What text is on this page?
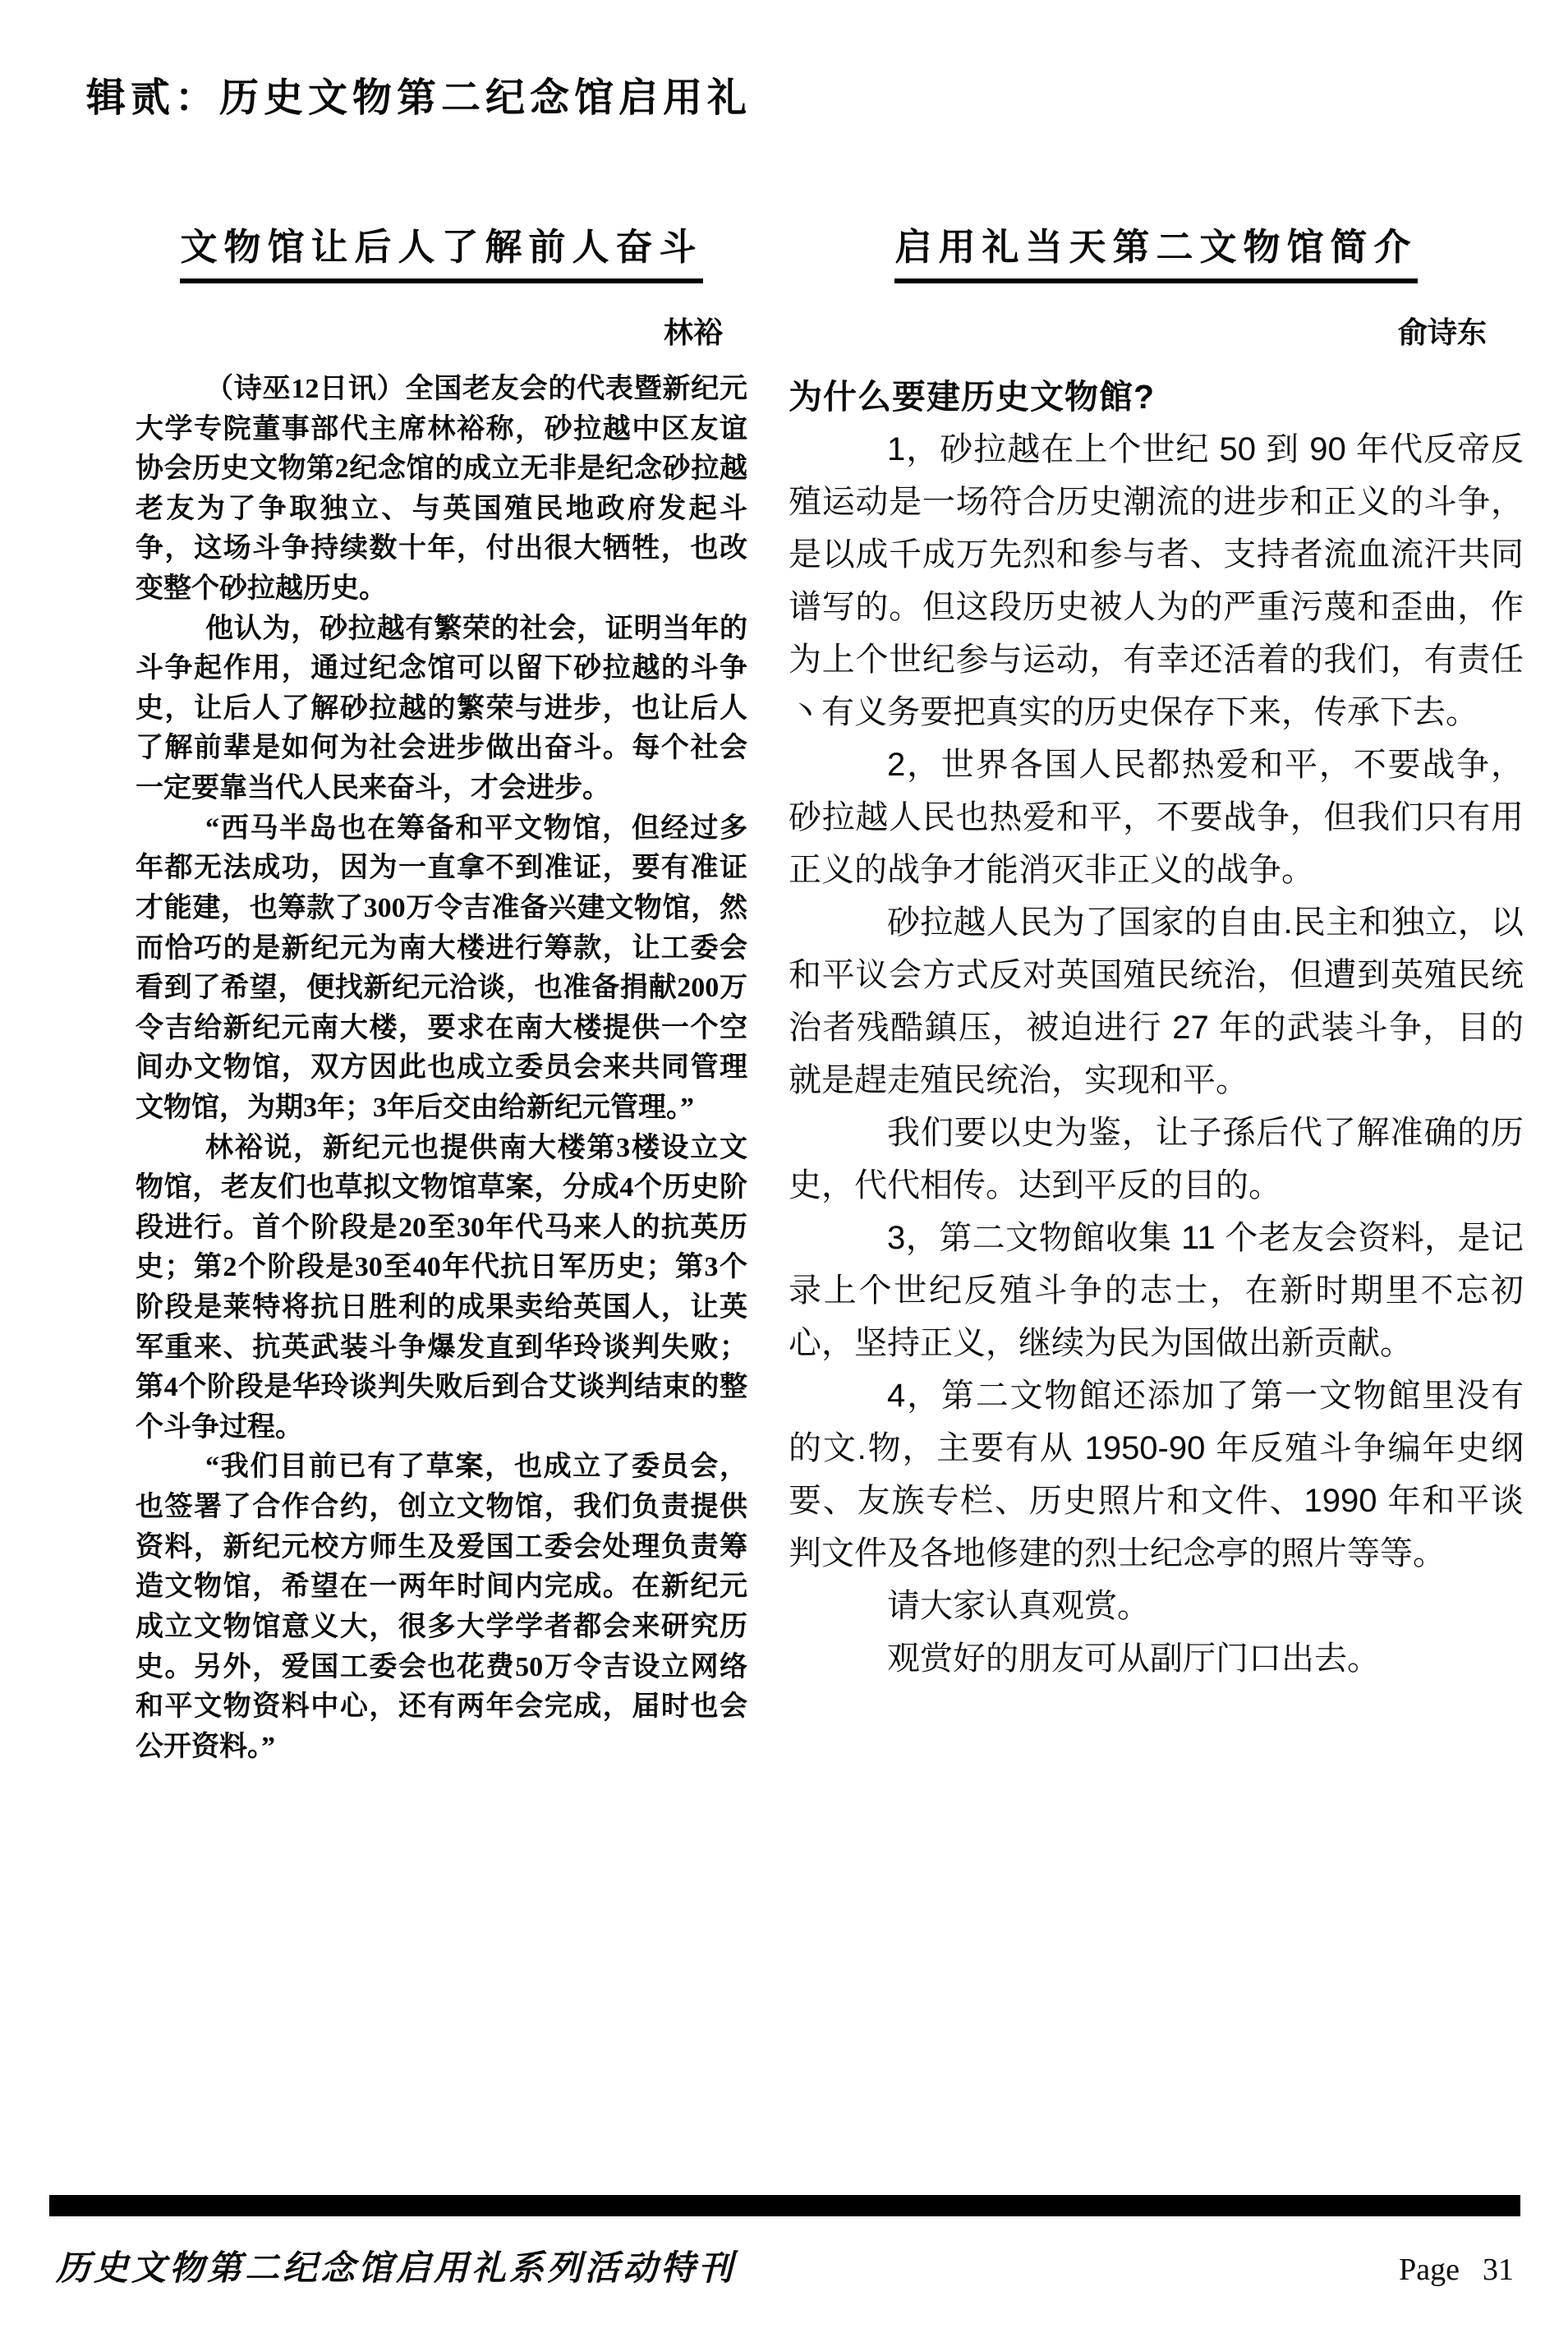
辑贰：历史文物第二纪念馆启用礼
文物馆让后人了解前人奋斗
林裕

（诗巫12日讯）全国老友会的代表暨新纪元大学专院董事部代主席林裕称，砂拉越中区友谊协会历史文物第2纪念馆的成立无非是纪念砂拉越老友为了争取独立、与英国殖民地政府发起斗争，这场斗争持续数十年，付出很大牺牲，也改变整个砂拉越历史。

他认为，砂拉越有繁荣的社会，证明当年的斗争起作用，通过纪念馆可以留下砂拉越的斗争史，让后人了解砂拉越的繁荣与进步，也让后人了解前辈是如何为社会进步做出奋斗。每个社会一定要靠当代人民来奋斗，才会进步。

“西马半岛也在筹备和平文物馆，但经过多年都无法成功，因为一直拿不到准证，要有准证才能建，也筹款了300万令吉准备兴建文物馆，然而恰巧的是新纪元为南大楼进行筹款，让工委会看到了希望，便找新纪元洽谈，也准备捐献200万令吉给新纪元南大楼，要求在南大楼提供一个空间办文物馆，双方因此也成立委员会来共同管理文物馆，为期3年；3年后交由给新纪元管理。”

林裕说，新纪元也提供南大楼第3楼设立文物馆，老友们也草拟文物馆草案，分成4个历史阶段进行。首个阶段是20至30年代马来人的抗英历史；第2个阶段是30至40年代抗日军历史；第3个阶段是莱特将抗日胜利的成果卖给英国人，让英军重来、抗英武装斗争爆发直到华玲谈判失败；第4个阶段是华玲谈判失败后到合艾谈判结束的整个斗争过程。

“我们目前已有了草案，也成立了委员会，也签署了合作合约，创立文物馆，我们负责提供资料，新纪元校方师生及爱国工委会处理负责筹造文物馆，希望在一两年时间内完成。在新纪元成立文物馆意义大，很多大学学者都会来研究历史。另外，爱国工委会也花费50万令吉设立网络和平文物资料中心，还有两年会完成，届时也会公开资料。”

启用礼当天第二文物馆简介
俞诗东
为什么要建历史文物館?

1，砂拉越在上个世纪 50 到 90 年代反帝反殖运动是一场符合历史潮流的进步和正义的斗争，是以成千成万先烈和参与者、支持者流血流汗共同谱写的。但这段历史被人为的严重污蔑和歪曲，作为上个世纪参与运动，有幸还活着的我们，有责任丶有义务要把真实的历史保存下来，传承下去。

2，世界各国人民都热爱和平，不要战争，砂拉越人民也热爱和平，不要战争，但我们只有用正义的战争才能消灭非正义的战争。

砂拉越人民为了国家的自由.民主和独立，以和平议会方式反对英国殖民统治，但遭到英殖民统治者残酷鎮压，被迫进行 27 年的武装斗争，目的就是趕走殖民统治，实现和平。

我们要以史为鉴，让子孫后代了解准确的历史，代代相传。达到平反的目的。

3，第二文物館收集 11 个老友会资料，是记录上个世纪反殖斗争的志士，在新时期里不忘初心，坚持正义，继续为民为国做出新贡献。

4，第二文物館还添加了第一文物館里没有的文.物，主要有从 1950-90 年反殖斗争编年史纲要、友族专栏、历史照片和文件、1990 年和平谈判文件及各地修建的烈士纪念亭的照片等等。

请大家认真观赏。

观赏好的朋友可从副厅门口出去。

历史文物第二纪念馆启用礼系列活动特刊	Page 31
